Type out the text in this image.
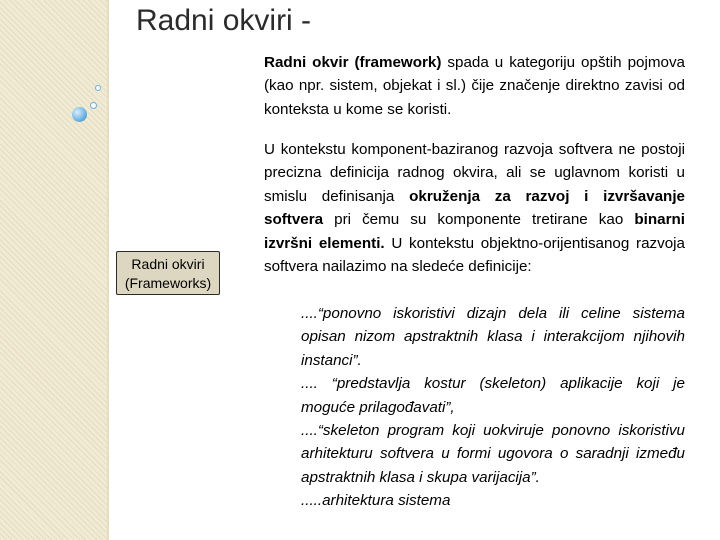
Radni okviri -
Radni okviri
(Frameworks)
Radni okvir (framework) spada u kategoriju opštih pojmova (kao npr. sistem, objekat i sl.) čije značenje direktno zavisi od konteksta u kome se koristi.
U kontekstu komponent-baziranog razvoja softvera ne postoji precizna definicija radnog okvira, ali se uglavnom koristi u smislu definisanja okruženja za razvoj i izvršavanje softvera pri čemu su komponente tretirane kao binarni izvršni elementi. U kontekstu objektno-orijentisanog razvoja softvera nailazimo na sledeće definicije:
....“ponovno iskoristivi dizajn dela ili celine sistema opisan nizom apstraktnih klasa i interakcijom njihovih instanci”.
.... “predstavlja kostur (skeleton) aplikacije koji je moguće prilagođavati”,
....“skeleton program koji uokviruje ponovno iskoristivu arhitekturu softvera u formi ugovora o saradnji između apstraktnih klasa i skupa varijacija”.
.....arhitektura sistema
